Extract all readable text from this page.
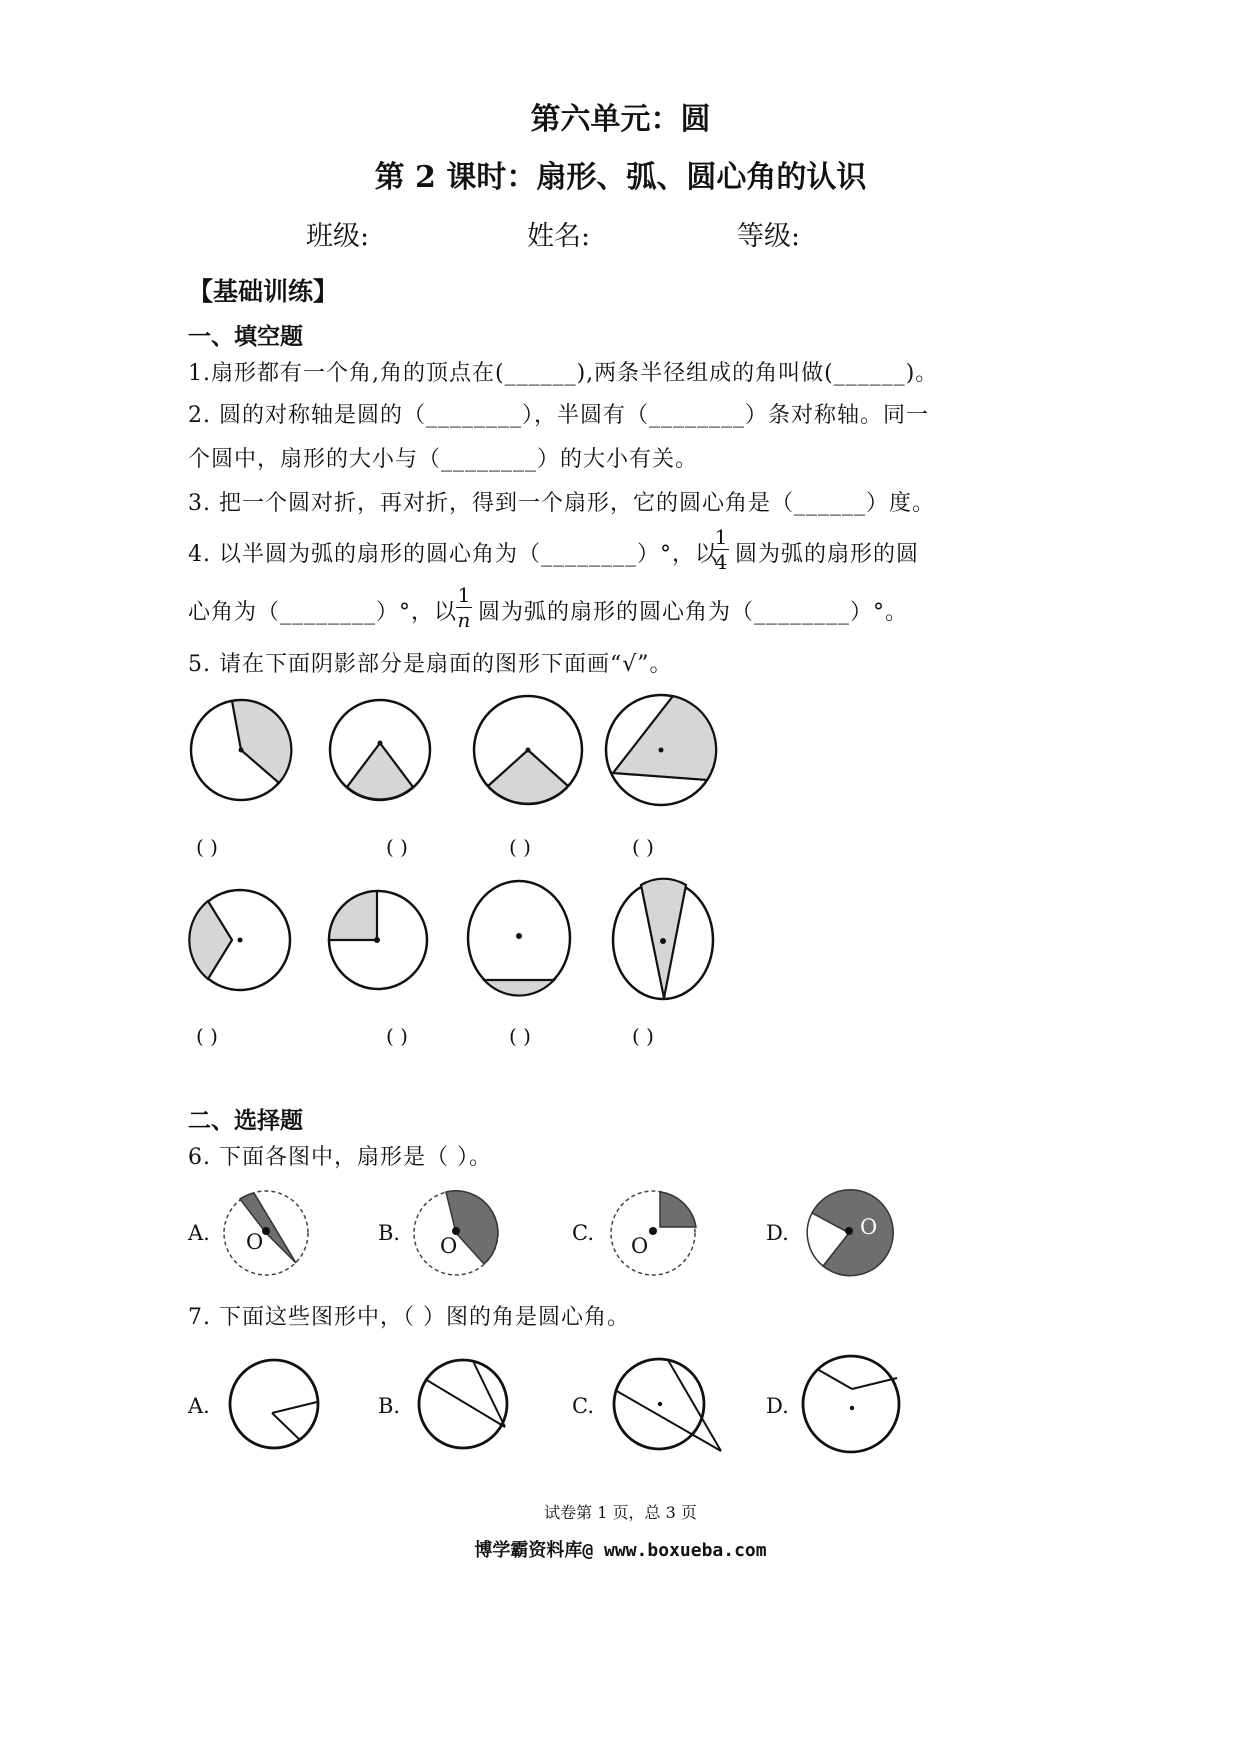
第六单元：圆
第 2 课时：扇形、弧、圆心角的认识
班级:	姓名:	等级:
【基础训练】
一、填空题
1.扇形都有一个角,角的顶点在(______),两条半径组成的角叫做(______)。
2. 圆的对称轴是圆的（________），半圆有（________）条对称轴。同一
个圆中，扇形的大小与（________）的大小有关。
3. 把一个圆对折，再对折，得到一个扇形，它的圆心角是（______）度。
4. 以半圆为弧的扇形的圆心角为（________）°，以
1
4 圆为弧的扇形的圆
心角为（________）°，以
1
n 圆为弧的扇形的圆心角为（________）°。
5. 请在下面阴影部分是扇面的图形下面画“√”。
( )	( )	( )	( )
( )	( )	( )	( )
二、选择题
6. 下面各图中，扇形是（ ）。
A. O	B.
O
C.
O
D.	O
7. 下面这些图形中，（ ）图的角是圆心角。
A.	B.	C.	D.
试卷第 1 页，总 3 页
博学霸资料库@ www.boxueba.com
